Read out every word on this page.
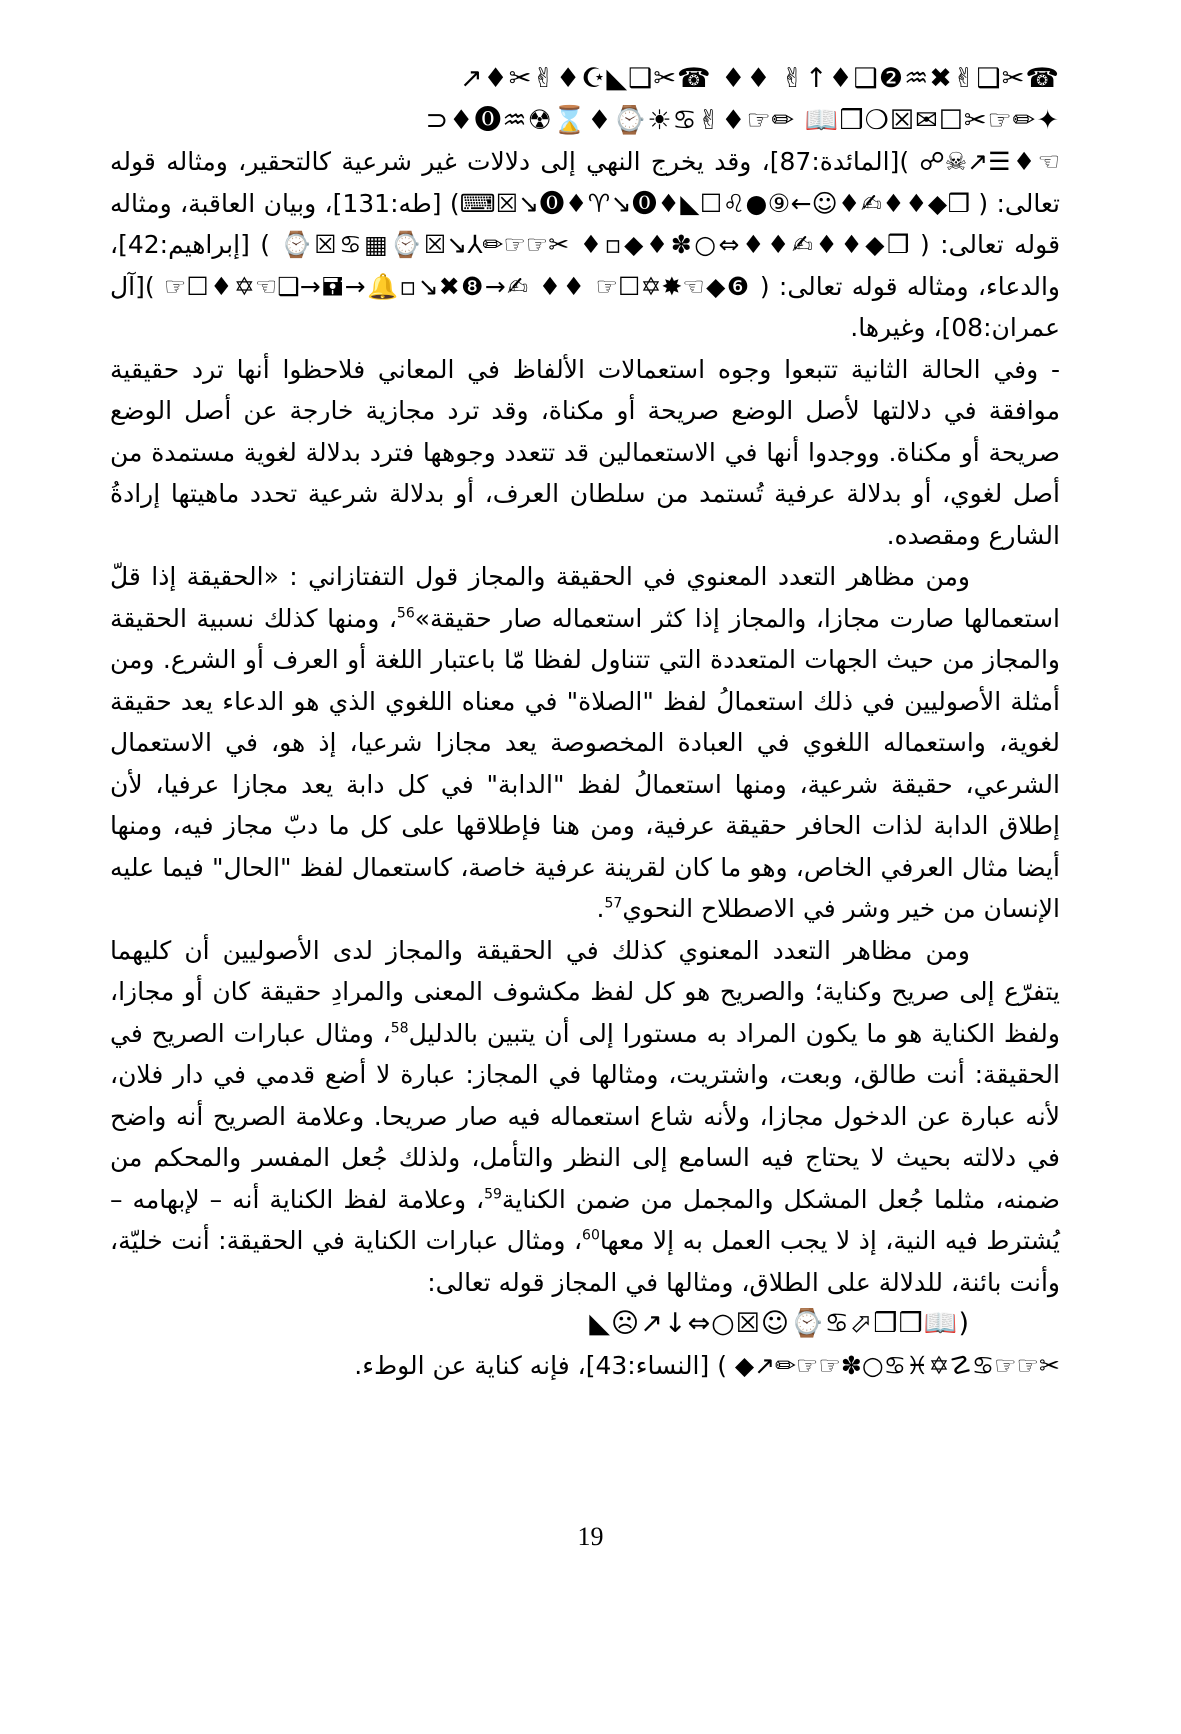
☎✂❑✌✖♒❷❑♦↑✌ ♦♦ ☎✂❑◣☪♦✌✂♦↗
✦✏☞✂☐✉☒❍❒📖 ✏☞♦✌♋☀⌚♦⌛☢♒⓿♦⊂

☜♦☰↗☠☍ )[المائدة:87]، وقد يخرج النهي إلى دلالات غير شرعية كالتحقير، ومثاله قوله تعالى: ( ❒◆♦♦✍♦☺←⑨●♌☐◣♦⓿↘♈♦⓿↘☒⌨) [طه:131]، وبيان العاقبة، ومثاله قوله تعالى: ( ❒◆♦♦✍♦♦⇔○✽♦◆▫♦ ✂☞☞✏⅄↘☒⌚▦♋☒⌚ ) [إبراهيم:42]، والدعاء، ومثاله قوله تعالى: ( ❻◆☜✸✡☐☞ ♦♦ ✍→❽✖↘▫🔔→🖬→❑☜✡♦☐☞ )[آل عمران:08]، وغيرها.

- وفي الحالة الثانية تتبعوا وجوه استعمالات الألفاظ في المعاني فلاحظوا أنها ترد حقيقية موافقة في دلالتها لأصل الوضع صريحة أو مكناة، وقد ترد مجازية خارجة عن أصل الوضع صريحة أو مكناة. ووجدوا أنها في الاستعمالين قد تتعدد وجوهها فترد بدلالة لغوية مستمدة من أصل لغوي، أو بدلالة عرفية تُستمد من سلطان العرف، أو بدلالة شرعية تحدد ماهيتها إرادةُ الشارع ومقصده.

ومن مظاهر التعدد المعنوي في الحقيقة والمجاز قول التفتازاني : «الحقيقة إذا قلّ استعمالها صارت مجازا، والمجاز إذا كثر استعماله صار حقيقة»$^{56}$، ومنها كذلك نسبية الحقيقة والمجاز من حيث الجهات المتعددة التي تتناول لفظا مّا باعتبار اللغة أو العرف أو الشرع. ومن أمثلة الأصوليين في ذلك استعمالُ لفظ "الصلاة" في معناه اللغوي الذي هو الدعاء يعد حقيقة لغوية، واستعماله اللغوي في العبادة المخصوصة يعد مجازا شرعيا، إذ هو، في الاستعمال الشرعي، حقيقة شرعية، ومنها استعمالُ لفظ "الدابة" في كل دابة يعد مجازا عرفيا، لأن إطلاق الدابة لذات الحافر حقيقة عرفية، ومن هنا فإطلاقها على كل ما دبّ مجاز فيه، ومنها أيضا مثال العرفي الخاص، وهو ما كان لقرينة عرفية خاصة، كاستعمال لفظ "الحال" فيما عليه الإنسان من خير وشر في الاصطلاح النحوي$^{57}$.

ومن مظاهر التعدد المعنوي كذلك في الحقيقة والمجاز لدى الأصوليين أن كليهما يتفرّع إلى صريح وكناية؛ والصريح هو كل لفظ مكشوف المعنى والمرادِ حقيقة كان أو مجازا، ولفظ الكناية هو ما يكون المراد به مستورا إلى أن يتبين بالدليل$^{58}$، ومثال عبارات الصريح في الحقيقة: أنت طالق، وبعت، واشتريت، ومثالها في المجاز: عبارة لا أضع قدمي في دار فلان، لأنه عبارة عن الدخول مجازا، ولأنه شاع استعماله فيه صار صريحا. وعلامة الصريح أنه واضح في دلالته بحيث لا يحتاج فيه السامع إلى النظر والتأمل، ولذلك جُعل المفسر والمحكم من ضمنه، مثلما جُعل المشكل والمجمل من ضمن الكناية$^{59}$، وعلامة لفظ الكناية أنه – لإبهامه – يُشترط فيه النية، إذ لا يجب العمل به إلا معها$^{60}$، ومثال عبارات الكناية في الحقيقة: أنت خليّة، وأنت بائنة، للدلالة على الطلاق، ومثالها في المجاز قوله تعالى:
(📖❒❒⬀♋⌚☺☒○⇔↓↗☹◣
✂☞☞♋☡✡♓♋○✽☞☞✏↗◆ ) [النساء:43]، فإنه كناية عن الوطء.

19
